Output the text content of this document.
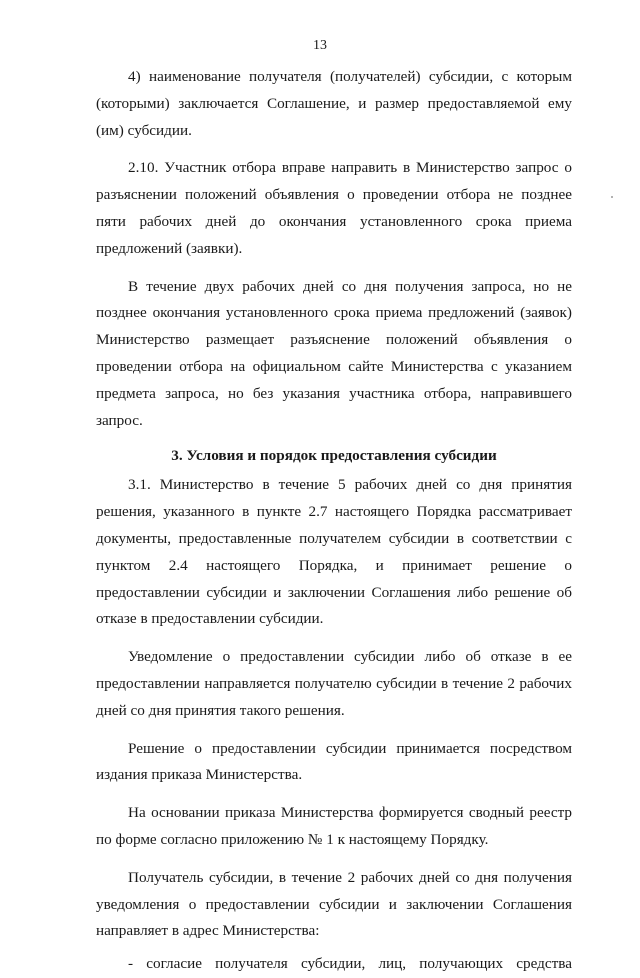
13

4) наименование получателя (получателей) субсидии, с которым (которыми) заключается Соглашение, и размер предоставляемой ему (им) субсидии.

2.10. Участник отбора вправе направить в Министерство запрос о разъяснении положений объявления о проведении отбора не позднее пяти рабочих дней до окончания установленного срока приема предложений (заявки).

В течение двух рабочих дней со дня получения запроса, но не позднее окончания установленного срока приема предложений (заявок) Министерство размещает разъяснение положений объявления о проведении отбора на официальном сайте Министерства с указанием предмета запроса, но без указания участника отбора, направившего запрос.

3. Условия и порядок предоставления субсидии

3.1. Министерство в течение 5 рабочих дней со дня принятия решения, указанного в пункте 2.7 настоящего Порядка рассматривает документы, предоставленные получателем субсидии в соответствии с пунктом 2.4 настоящего Порядка, и принимает решение о предоставлении субсидии и заключении Соглашения либо решение об отказе в предоставлении субсидии.

Уведомление о предоставлении субсидии либо об отказе в ее предоставлении направляется получателю субсидии в течение 2 рабочих дней со дня принятия такого решения.

Решение о предоставлении субсидии принимается посредством издания приказа Министерства.

На основании приказа Министерства формируется сводный реестр по форме согласно приложению № 1 к настоящему Порядку.

Получатель субсидии, в течение 2 рабочих дней со дня получения уведомления о предоставлении субсидии и заключении Соглашения направляет в адрес Министерства:

- согласие получателя субсидии, лиц, получающих средства
